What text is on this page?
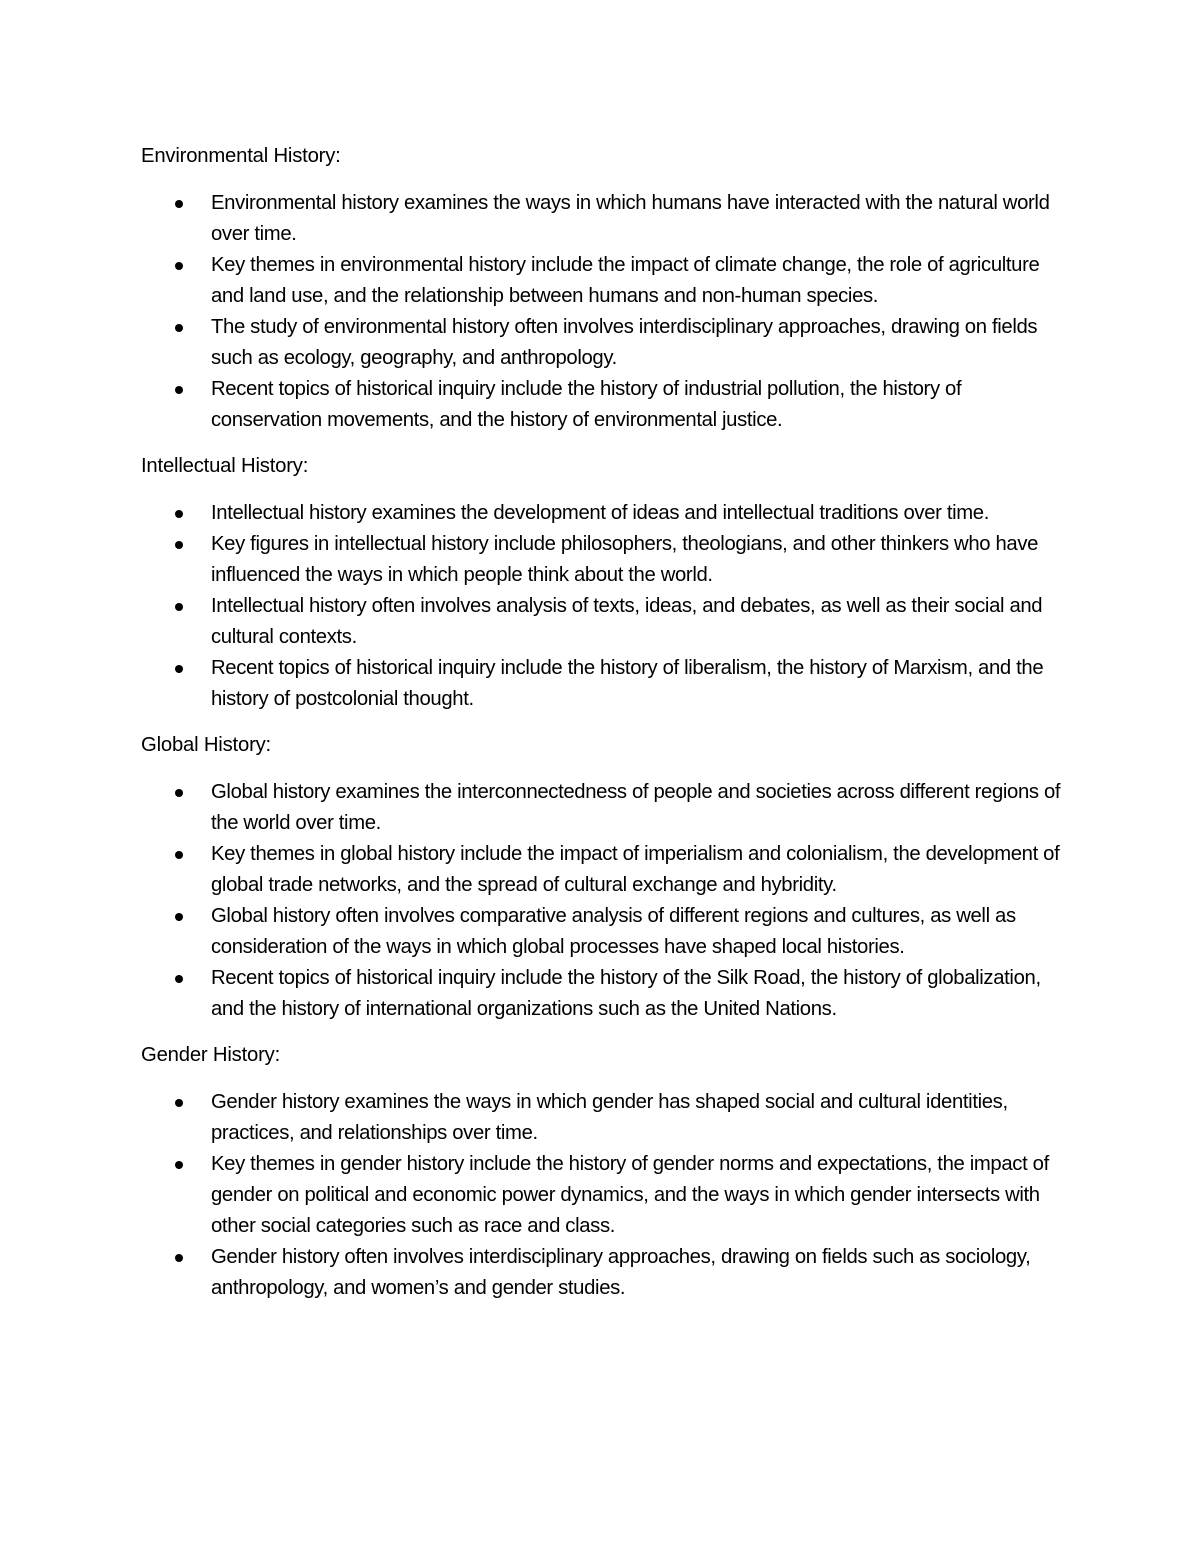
Environmental History:

Environmental history examines the ways in which humans have interacted with the natural world over time.
Key themes in environmental history include the impact of climate change, the role of agriculture and land use, and the relationship between humans and non-human species.
The study of environmental history often involves interdisciplinary approaches, drawing on fields such as ecology, geography, and anthropology.
Recent topics of historical inquiry include the history of industrial pollution, the history of conservation movements, and the history of environmental justice.

Intellectual History:

Intellectual history examines the development of ideas and intellectual traditions over time.
Key figures in intellectual history include philosophers, theologians, and other thinkers who have influenced the ways in which people think about the world.
Intellectual history often involves analysis of texts, ideas, and debates, as well as their social and cultural contexts.
Recent topics of historical inquiry include the history of liberalism, the history of Marxism, and the history of postcolonial thought.

Global History:

Global history examines the interconnectedness of people and societies across different regions of the world over time.
Key themes in global history include the impact of imperialism and colonialism, the development of global trade networks, and the spread of cultural exchange and hybridity.
Global history often involves comparative analysis of different regions and cultures, as well as consideration of the ways in which global processes have shaped local histories.
Recent topics of historical inquiry include the history of the Silk Road, the history of globalization, and the history of international organizations such as the United Nations.

Gender History:

Gender history examines the ways in which gender has shaped social and cultural identities, practices, and relationships over time.
Key themes in gender history include the history of gender norms and expectations, the impact of gender on political and economic power dynamics, and the ways in which gender intersects with other social categories such as race and class.
Gender history often involves interdisciplinary approaches, drawing on fields such as sociology, anthropology, and women’s and gender studies.
